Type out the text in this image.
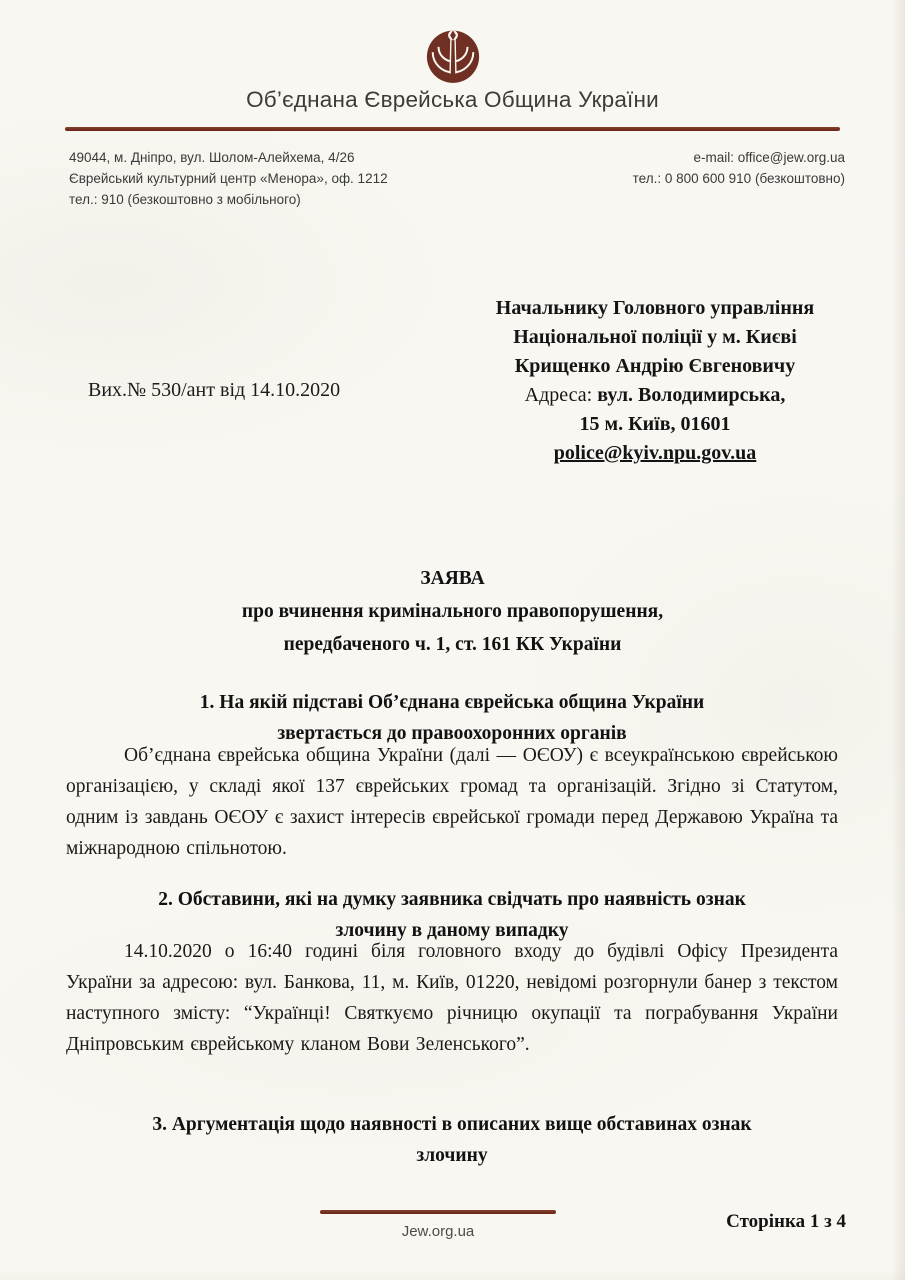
Об’єднана Єврейська Община України
49044, м. Дніпро, вул. Шолом-Алейхема, 4/26
Єврейський культурний центр «Менора», оф. 1212
тел.: 910 (безкоштовно з мобільного)
e-mail: office@jew.org.ua
тел.: 0 800 600 910 (безкоштовно)
Вих.№ 530/ант від 14.10.2020
Начальнику Головного управління
Національної поліції у м. Києві
Крищенко Андрію Євгеновичу
Адреса: вул. Володимирська,
15 м. Київ, 01601
police@kyiv.npu.gov.ua
ЗАЯВА
про вчинення кримінального правопорушення,
передбаченого ч. 1, ст. 161 КК України
1. На якій підставі Об’єднана єврейська община України
звертається до правоохоронних органів
Об’єднана єврейська община України (далі — ОЄОУ) є всеукраїнською єврейською організацією, у складі якої 137 єврейських громад та організацій. Згідно зі Статутом, одним із завдань ОЄОУ є захист інтересів єврейської громади перед Державою Україна та міжнародною спільнотою.
2. Обставини, які на думку заявника свідчать про наявність ознак
злочину в даному випадку
14.10.2020 о 16:40 годині біля головного входу до будівлі Офісу Президента України за адресою: вул. Банкова, 11, м. Київ, 01220, невідомі розгорнули банер з текстом наступного змісту: “Українці! Святкуємо річницю окупації та пограбування України Дніпровським єврейському кланом Вови Зеленського”.
3. Аргументація щодо наявності в описаних вище обставинах ознак
злочину
Jew.org.ua	Сторінка 1 з 4
